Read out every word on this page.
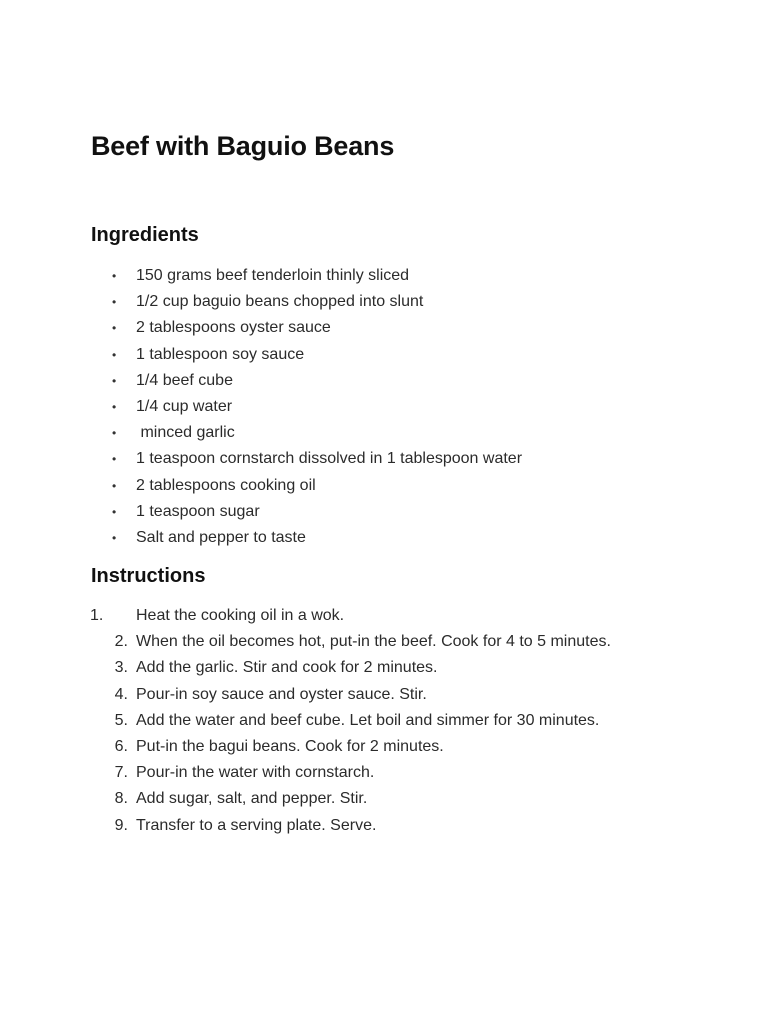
Beef with Baguio Beans
Ingredients
• 150 grams beef tenderloin thinly sliced
• 1/2 cup baguio beans chopped into slunt
• 2 tablespoons oyster sauce
• 1 tablespoon soy sauce
• 1/4 beef cube
• 1/4 cup water
• minced garlic
• 1 teaspoon cornstarch dissolved in 1 tablespoon water
• 2 tablespoons cooking oil
• 1 teaspoon sugar
• Salt and pepper to taste
Instructions
1. Heat the cooking oil in a wok.
2. When the oil becomes hot, put-in the beef. Cook for 4 to 5 minutes.
3. Add the garlic. Stir and cook for 2 minutes.
4. Pour-in soy sauce and oyster sauce. Stir.
5. Add the water and beef cube. Let boil and simmer for 30 minutes.
6. Put-in the bagui beans. Cook for 2 minutes.
7. Pour-in the water with cornstarch.
8. Add sugar, salt, and pepper. Stir.
9. Transfer to a serving plate. Serve.
